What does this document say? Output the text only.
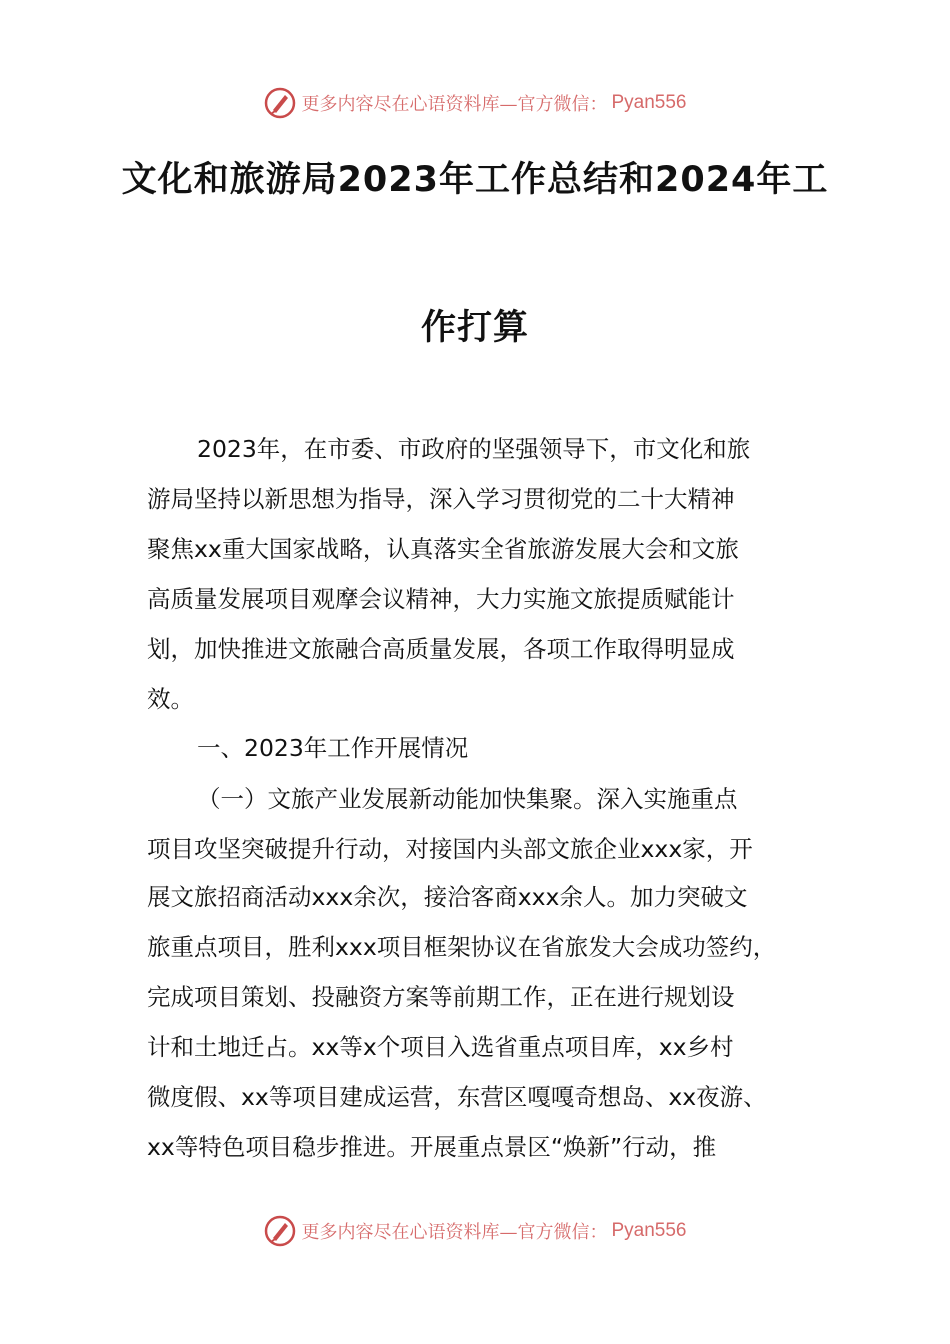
更多内容尽在心语资料库—官方微信： Pyan556
文化和旅游局2023年工作总结和2024年工
作打算
2023年，在市委、市政府的坚强领导下，市文化和旅
游局坚持以新思想为指导，深入学习贯彻党的二十大精神
聚焦xx重大国家战略，认真落实全省旅游发展大会和文旅
高质量发展项目观摩会议精神，大力实施文旅提质赋能计
划，加快推进文旅融合高质量发展，各项工作取得明显成
效。
一、2023年工作开展情况
（一）文旅产业发展新动能加快集聚。深入实施重点
项目攻坚突破提升行动，对接国内头部文旅企业xxx家，开
展文旅招商活动xxx余次，接洽客商xxx余人。加力突破文
旅重点项目，胜利xxx项目框架协议在省旅发大会成功签约，
完成项目策划、投融资方案等前期工作，正在进行规划设
计和土地迁占。xx等x个项目入选省重点项目库，xx乡村
微度假、xx等项目建成运营，东营区嘎嘎奇想岛、xx夜游、
xx等特色项目稳步推进。开展重点景区“焕新”行动，推
更多内容尽在心语资料库—官方微信： Pyan556
